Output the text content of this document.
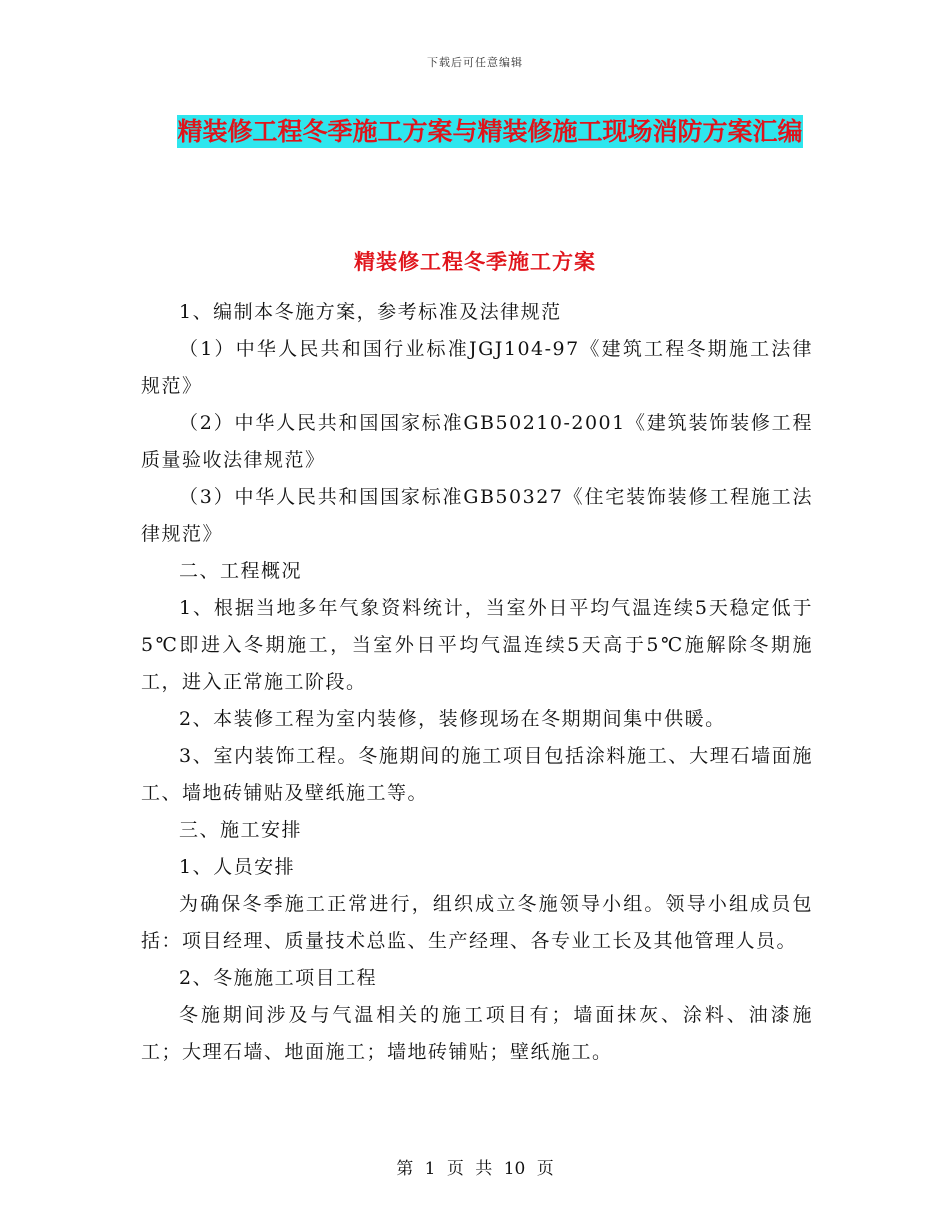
下载后可任意编辑
精装修工程冬季施工方案与精装修施工现场消防方案汇编
精装修工程冬季施工方案

1、编制本冬施方案，参考标准及法律规范

（1）中华人民共和国行业标准JGJ104-97《建筑工程冬期施工法律规范》

（2）中华人民共和国国家标准GB50210-2001《建筑装饰装修工程质量验收法律规范》

（3）中华人民共和国国家标准GB50327《住宅装饰装修工程施工法律规范》

二、工程概况

1、根据当地多年气象资料统计，当室外日平均气温连续5天稳定低于5℃即进入冬期施工，当室外日平均气温连续5天高于5℃施解除冬期施工，进入正常施工阶段。

2、本装修工程为室内装修，装修现场在冬期期间集中供暖。

3、室内装饰工程。冬施期间的施工项目包括涂料施工、大理石墙面施工、墙地砖铺贴及壁纸施工等。

三、施工安排

1、人员安排

为确保冬季施工正常进行，组织成立冬施领导小组。领导小组成员包括：项目经理、质量技术总监、生产经理、各专业工长及其他管理人员。

2、冬施施工项目工程

冬施期间涉及与气温相关的施工项目有；墙面抹灰、涂料、油漆施工；大理石墙、地面施工；墙地砖铺贴；壁纸施工。

第 1 页 共 10 页
